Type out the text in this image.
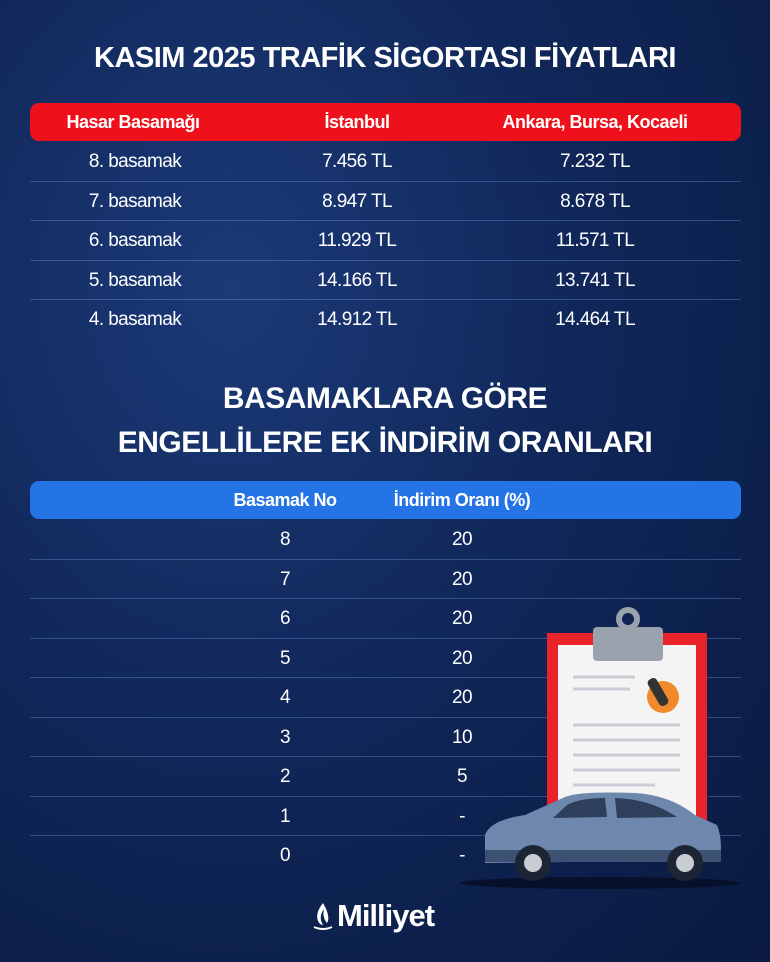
KASIM 2025 TRAFİK SİGORTASI FİYATLARI
Hasar Basamağı	İstanbul	Ankara, Bursa, Kocaeli
8. basamak	7.456 TL	7.232 TL
7. basamak	8.947 TL	8.678 TL
6. basamak	11.929 TL	11.571 TL
5. basamak	14.166 TL	13.741 TL
4. basamak	14.912 TL	14.464 TL
BASAMAKLARA GÖRE
ENGELLİLERE EK İNDİRİM ORANLARI
Basamak No	İndirim Oranı (%)
8	20
7	20
6	20
5	20
4	20
3	10
2	5
1	-
0	-
Milliyet
